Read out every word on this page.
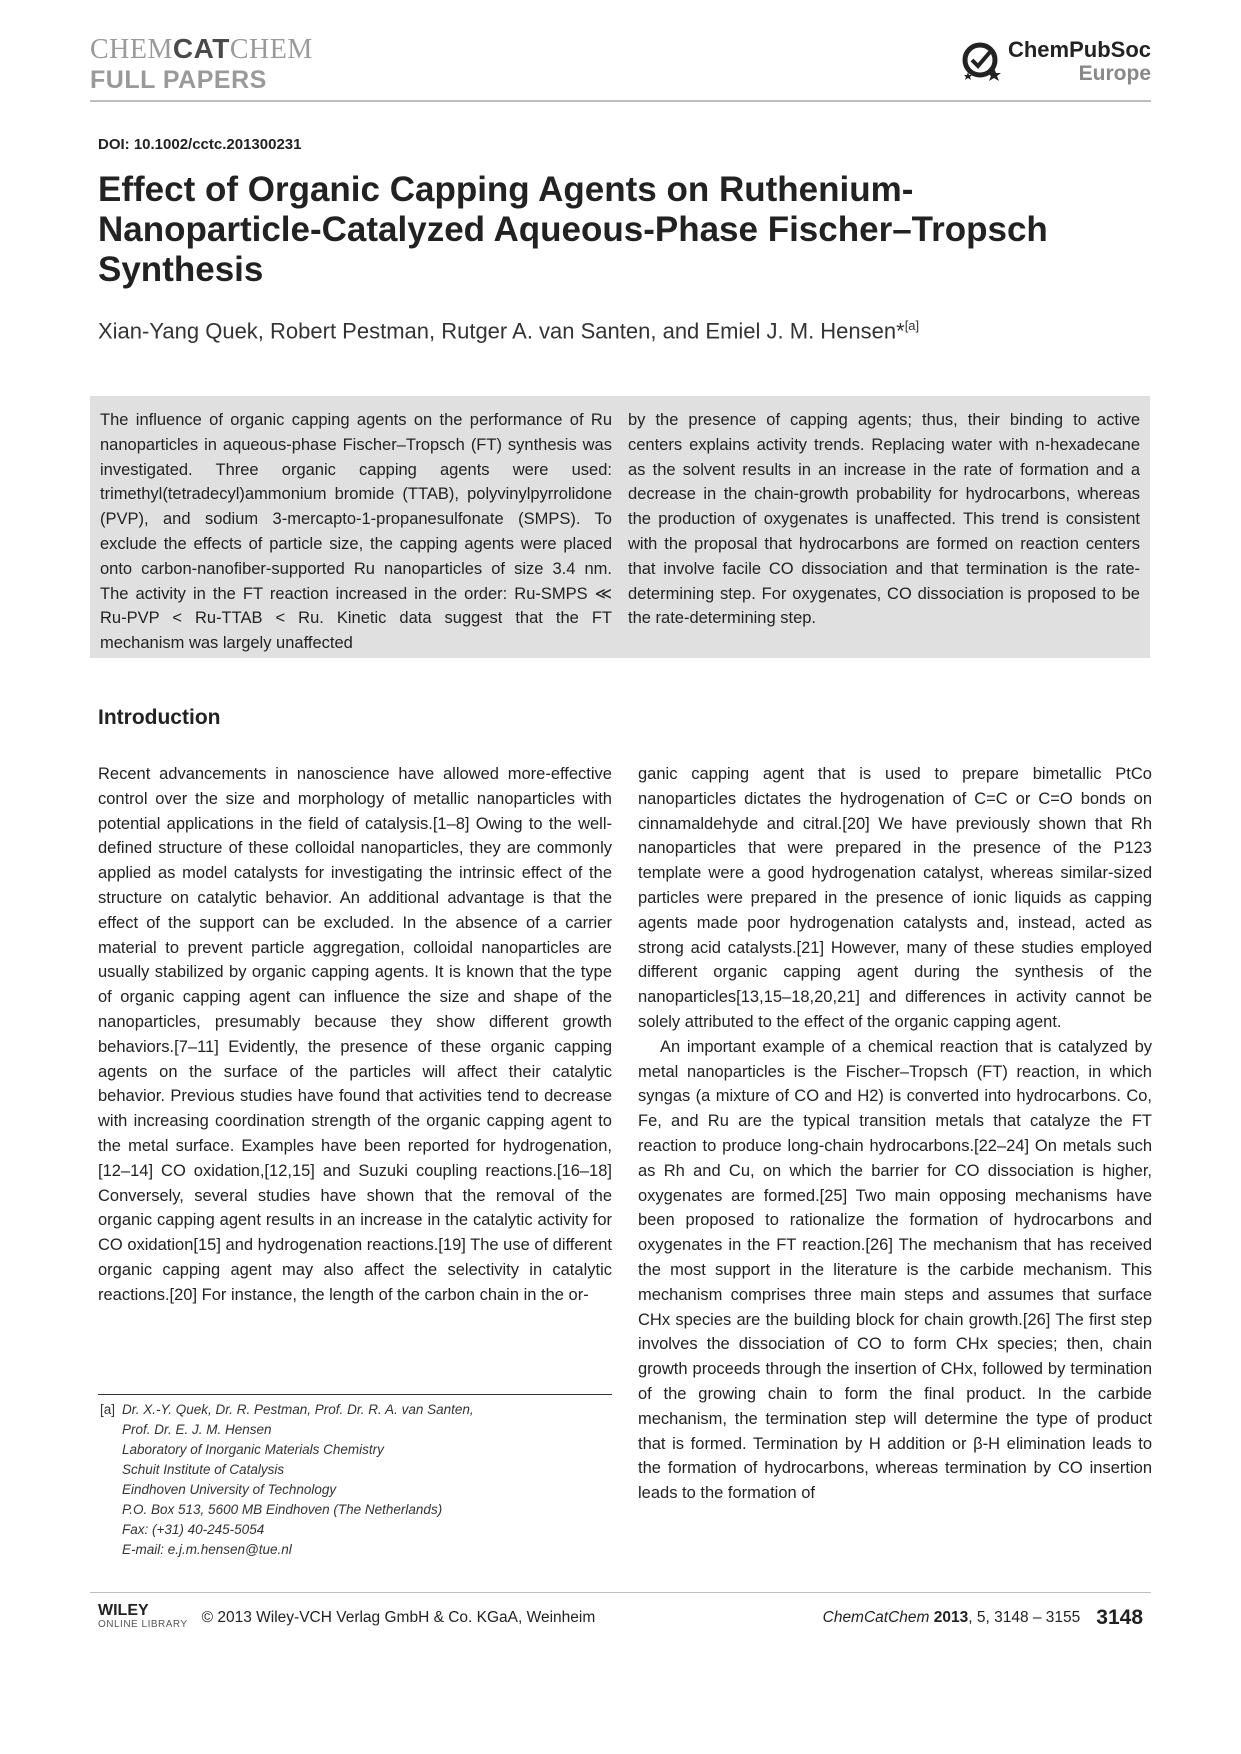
CHEMCATCHEM
FULL PAPERS
ChemPubSoc
Europe
DOI: 10.1002/cctc.201300231
Effect of Organic Capping Agents on Ruthenium-Nanoparticle-Catalyzed Aqueous-Phase Fischer–Tropsch Synthesis
Xian-Yang Quek, Robert Pestman, Rutger A. van Santen, and Emiel J. M. Hensen*[a]
The influence of organic capping agents on the performance of Ru nanoparticles in aqueous-phase Fischer–Tropsch (FT) synthesis was investigated. Three organic capping agents were used: trimethyl(tetradecyl)ammonium bromide (TTAB), polyvinylpyrrolidone (PVP), and sodium 3-mercapto-1-propanesulfonate (SMPS). To exclude the effects of particle size, the capping agents were placed onto carbon-nanofiber-supported Ru nanoparticles of size 3.4 nm. The activity in the FT reaction increased in the order: Ru-SMPS ≪ Ru-PVP < Ru-TTAB < Ru. Kinetic data suggest that the FT mechanism was largely unaffected
by the presence of capping agents; thus, their binding to active centers explains activity trends. Replacing water with n-hexadecane as the solvent results in an increase in the rate of formation and a decrease in the chain-growth probability for hydrocarbons, whereas the production of oxygenates is unaffected. This trend is consistent with the proposal that hydrocarbons are formed on reaction centers that involve facile CO dissociation and that termination is the rate-determining step. For oxygenates, CO dissociation is proposed to be the rate-determining step.
Introduction

Recent advancements in nanoscience have allowed more-effective control over the size and morphology of metallic nanoparticles with potential applications in the field of catalysis.[1–8] Owing to the well-defined structure of these colloidal nanoparticles, they are commonly applied as model catalysts for investigating the intrinsic effect of the structure on catalytic behavior. An additional advantage is that the effect of the support can be excluded. In the absence of a carrier material to prevent particle aggregation, colloidal nanoparticles are usually stabilized by organic capping agents. It is known that the type of organic capping agent can influence the size and shape of the nanoparticles, presumably because they show different growth behaviors.[7–11] Evidently, the presence of these organic capping agents on the surface of the particles will affect their catalytic behavior. Previous studies have found that activities tend to decrease with increasing coordination strength of the organic capping agent to the metal surface. Examples have been reported for hydrogenation,[12–14] CO oxidation,[12,15] and Suzuki coupling reactions.[16–18] Conversely, several studies have shown that the removal of the organic capping agent results in an increase in the catalytic activity for CO oxidation[15] and hydrogenation reactions.[19] The use of different organic capping agent may also affect the selectivity in catalytic reactions.[20] For instance, the length of the carbon chain in the or-

ganic capping agent that is used to prepare bimetallic PtCo nanoparticles dictates the hydrogenation of C=C or C=O bonds on cinnamaldehyde and citral.[20] We have previously shown that Rh nanoparticles that were prepared in the presence of the P123 template were a good hydrogenation catalyst, whereas similar-sized particles were prepared in the presence of ionic liquids as capping agents made poor hydrogenation catalysts and, instead, acted as strong acid catalysts.[21] However, many of these studies employed different organic capping agent during the synthesis of the nanoparticles[13,15–18,20,21] and differences in activity cannot be solely attributed to the effect of the organic capping agent.

An important example of a chemical reaction that is catalyzed by metal nanoparticles is the Fischer–Tropsch (FT) reaction, in which syngas (a mixture of CO and H2) is converted into hydrocarbons. Co, Fe, and Ru are the typical transition metals that catalyze the FT reaction to produce long-chain hydrocarbons.[22–24] On metals such as Rh and Cu, on which the barrier for CO dissociation is higher, oxygenates are formed.[25] Two main opposing mechanisms have been proposed to rationalize the formation of hydrocarbons and oxygenates in the FT reaction.[26] The mechanism that has received the most support in the literature is the carbide mechanism. This mechanism comprises three main steps and assumes that surface CHx species are the building block for chain growth.[26] The first step involves the dissociation of CO to form CHx species; then, chain growth proceeds through the insertion of CHx, followed by termination of the growing chain to form the final product. In the carbide mechanism, the termination step will determine the type of product that is formed. Termination by H addition or β-H elimination leads to the formation of hydrocarbons, whereas termination by CO insertion leads to the formation of

[a] Dr. X.-Y. Quek, Dr. R. Pestman, Prof. Dr. R. A. van Santen,
Prof. Dr. E. J. M. Hensen
Laboratory of Inorganic Materials Chemistry
Schuit Institute of Catalysis
Eindhoven University of Technology
P.O. Box 513, 5600 MB Eindhoven (The Netherlands)
Fax: (+31) 40-245-5054
E-mail: e.j.m.hensen@tue.nl
WILEY
ONLINE LIBRARY © 2013 Wiley-VCH Verlag GmbH & Co. KGaA, Weinheim	ChemCatChem
2013 , 5, 3148 – 3155 3148
